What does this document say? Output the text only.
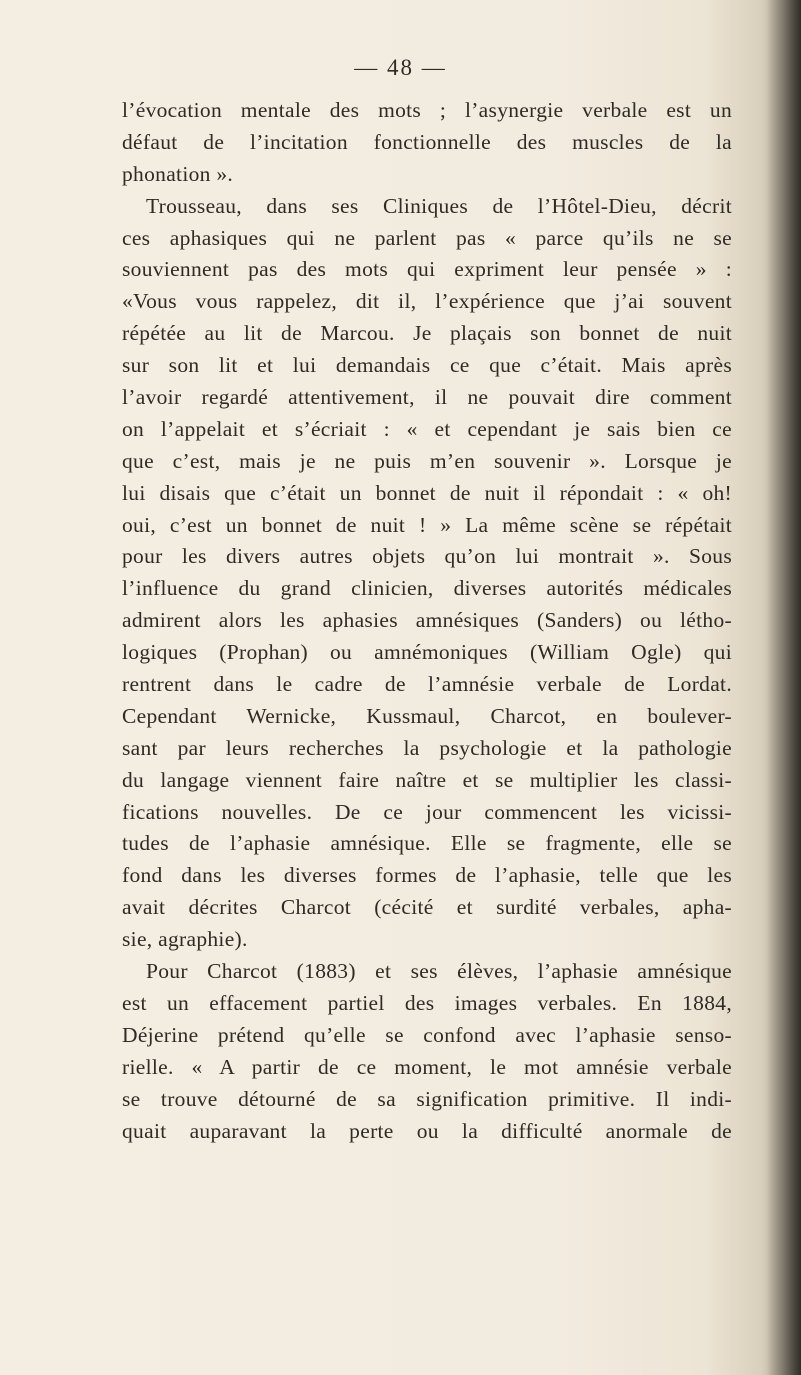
— 48 —
l’évocation mentale des mots ; l’asynergie verbale est un
défaut de l’incitation fonctionnelle des muscles de la
phonation ».
Trousseau, dans ses Cliniques de l’Hôtel-Dieu, décrit
ces aphasiques qui ne parlent pas « parce qu’ils ne se
souviennent pas des mots qui expriment leur pensée » :
«Vous vous rappelez, dit il, l’expérience que j’ai souvent
répétée au lit de Marcou. Je plaçais son bonnet de nuit
sur son lit et lui demandais ce que c’était. Mais après
l’avoir regardé attentivement, il ne pouvait dire comment
on l’appelait et s’écriait : « et cependant je sais bien ce
que c’est, mais je ne puis m’en souvenir ». Lorsque je
lui disais que c’était un bonnet de nuit il répondait : « oh!
oui, c’est un bonnet de nuit ! » La même scène se répétait
pour les divers autres objets qu’on lui montrait ». Sous
l’influence du grand clinicien, diverses autorités médicales
admirent alors les aphasies amnésiques (Sanders) ou létho-
logiques (Prophan) ou amnémoniques (William Ogle) qui
rentrent dans le cadre de l’amnésie verbale de Lordat.
Cependant Wernicke, Kussmaul, Charcot, en boulever-
sant par leurs recherches la psychologie et la pathologie
du langage viennent faire naître et se multiplier les classi-
fications nouvelles. De ce jour commencent les vicissi-
tudes de l’aphasie amnésique. Elle se fragmente, elle se
fond dans les diverses formes de l’aphasie, telle que les
avait décrites Charcot (cécité et surdité verbales, apha-
sie, agraphie).
Pour Charcot (1883) et ses élèves, l’aphasie amnésique
est un effacement partiel des images verbales. En 1884,
Déjerine prétend qu’elle se confond avec l’aphasie senso-
rielle. « A partir de ce moment, le mot amnésie verbale
se trouve détourné de sa signification primitive. Il indi-
quait auparavant la perte ou la difficulté anormale de
